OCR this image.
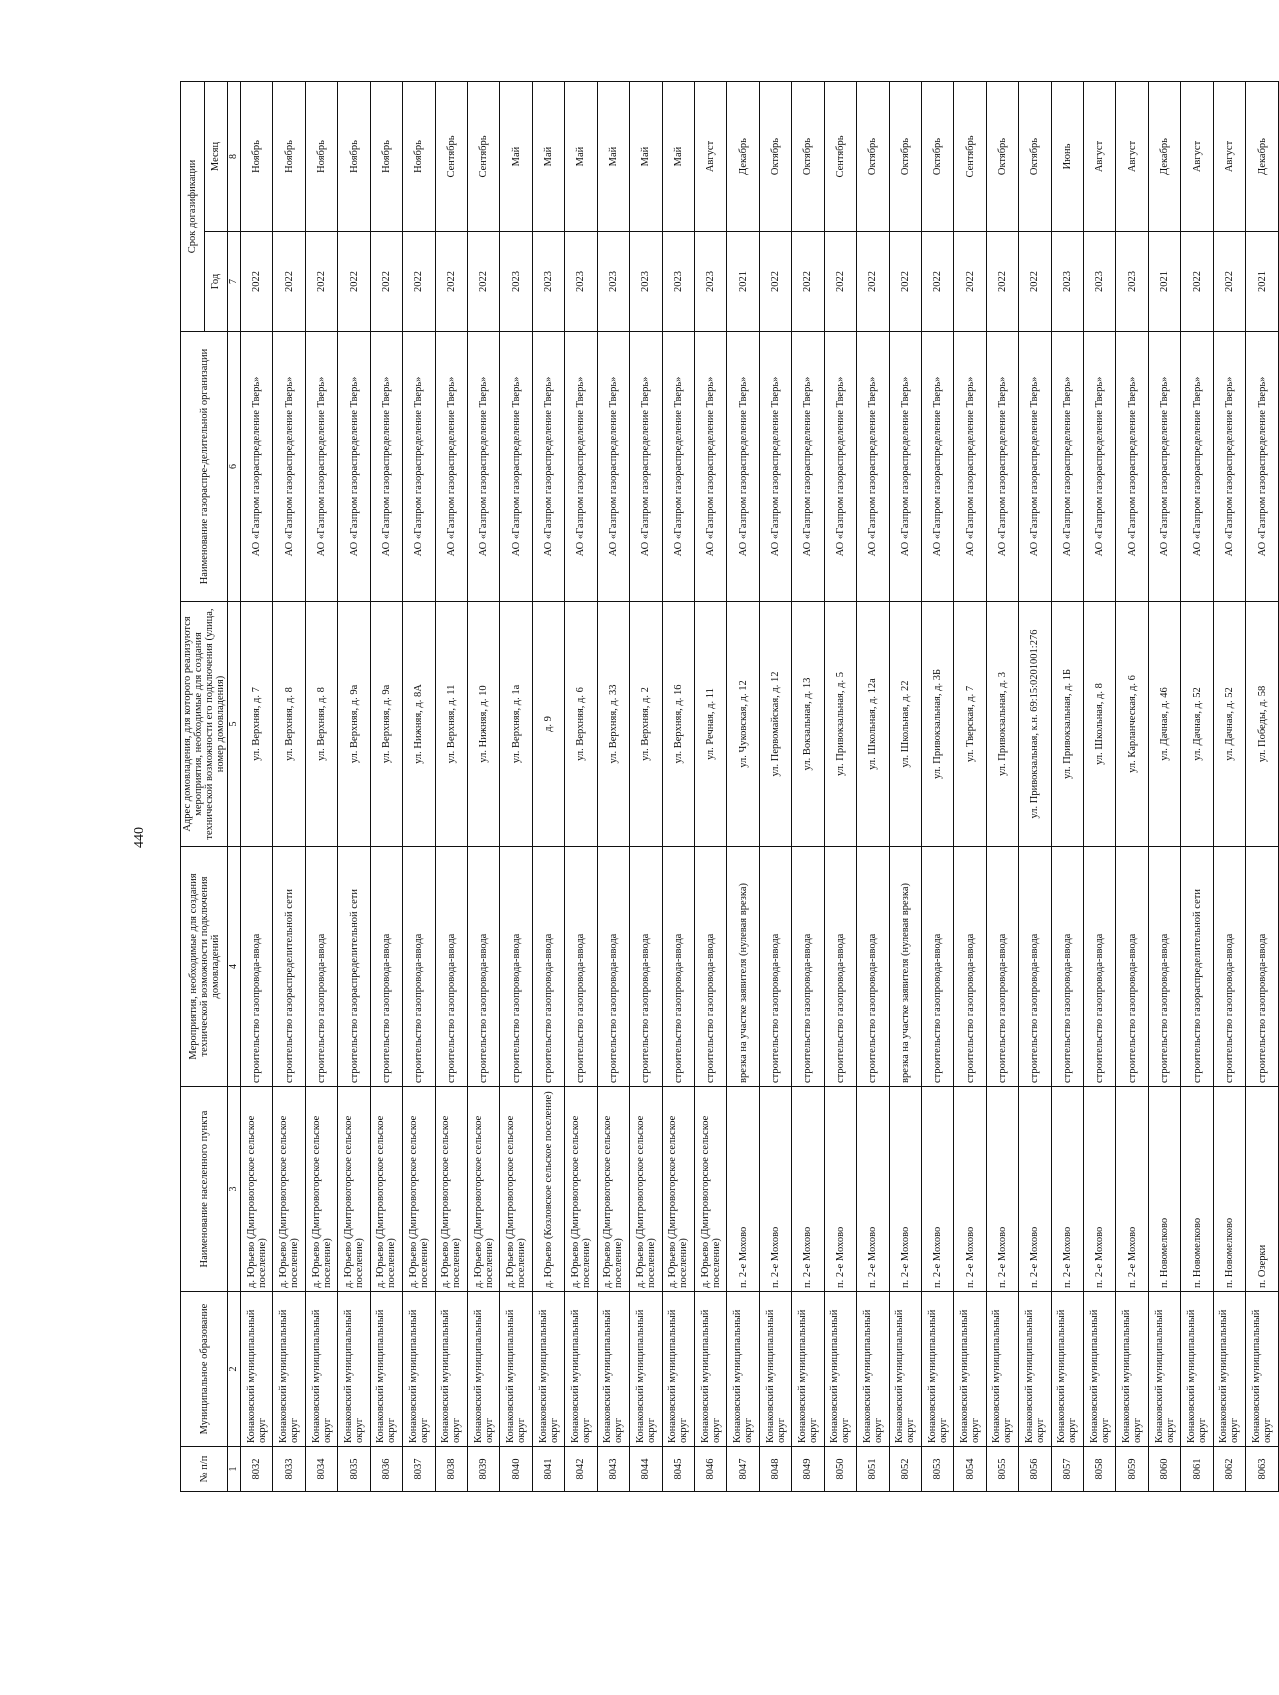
440
№ п/п	Муниципальное образование	Наименование населенного пункта	Мероприятия, необходимые для создания технической возможности подключения домовладений	Адрес домовладения, для которого реализуются мероприятия, необходимые для создания технической возможности его подключения (улица, номер домовладения)	Наименование газораспре-делительной организации	Срок догазификации	
						Год	Месяц
1	2	3	4	5	6	7	8
8032	Конаковский муниципальный округ	д. Юрьево (Дмитровогорское сельское поселение)	строительство газопровода-ввода	ул. Верхняя, д. 7	АО «Газпром газораспределение Тверь»	2022	Ноябрь
8033	Конаковский муниципальный округ	д. Юрьево (Дмитровогорское сельское поселение)	строительство газораспределительной сети	ул. Верхняя, д. 8	АО «Газпром газораспределение Тверь»	2022	Ноябрь
8034	Конаковский муниципальный округ	д. Юрьево (Дмитровогорское сельское поселение)	строительство газопровода-ввода	ул. Верхняя, д. 8	АО «Газпром газораспределение Тверь»	2022	Ноябрь
8035	Конаковский муниципальный округ	д. Юрьево (Дмитровогорское сельское поселение)	строительство газораспределительной сети	ул. Верхняя, д. 9а	АО «Газпром газораспределение Тверь»	2022	Ноябрь
8036	Конаковский муниципальный округ	д. Юрьево (Дмитровогорское сельское поселение)	строительство газопровода-ввода	ул. Верхняя, д. 9а	АО «Газпром газораспределение Тверь»	2022	Ноябрь
8037	Конаковский муниципальный округ	д. Юрьево (Дмитровогорское сельское поселение)	строительство газопровода-ввода	ул. Нижняя, д. 8А	АО «Газпром газораспределение Тверь»	2022	Ноябрь
8038	Конаковский муниципальный округ	д. Юрьево (Дмитровогорское сельское поселение)	строительство газопровода-ввода	ул. Верхняя, д. 11	АО «Газпром газораспределение Тверь»	2022	Сентябрь
8039	Конаковский муниципальный округ	д. Юрьево (Дмитровогорское сельское поселение)	строительство газопровода-ввода	ул. Нижняя, д. 10	АО «Газпром газораспределение Тверь»	2022	Сентябрь
8040	Конаковский муниципальный округ	д. Юрьево (Дмитровогорское сельское поселение)	строительство газопровода-ввода	ул. Верхняя, д. 1а	АО «Газпром газораспределение Тверь»	2023	Май
8041	Конаковский муниципальный округ	д. Юрьево (Козловское сельское поселение)	строительство газопровода-ввода	д. 9	АО «Газпром газораспределение Тверь»	2023	Май
8042	Конаковский муниципальный округ	д. Юрьево (Дмитровогорское сельское поселение)	строительство газопровода-ввода	ул. Верхняя, д. 6	АО «Газпром газораспределение Тверь»	2023	Май
8043	Конаковский муниципальный округ	д. Юрьево (Дмитровогорское сельское поселение)	строительство газопровода-ввода	ул. Верхняя, д. 33	АО «Газпром газораспределение Тверь»	2023	Май
8044	Конаковский муниципальный округ	д. Юрьево (Дмитровогорское сельское поселение)	строительство газопровода-ввода	ул. Верхняя, д. 2	АО «Газпром газораспределение Тверь»	2023	Май
8045	Конаковский муниципальный округ	д. Юрьево (Дмитровогорское сельское поселение)	строительство газопровода-ввода	ул. Верхняя, д. 16	АО «Газпром газораспределение Тверь»	2023	Май
8046	Конаковский муниципальный округ	д. Юрьево (Дмитровогорское сельское поселение)	строительство газопровода-ввода	ул. Речная, д. 11	АО «Газпром газораспределение Тверь»	2023	Август
8047	Конаковский муниципальный округ	п. 2-е Мохово	врезка на участке заявителя (нулевая врезка)	ул. Чуковская, д. 12	АО «Газпром газораспределение Тверь»	2021	Декабрь
8048	Конаковский муниципальный округ	п. 2-е Мохово	строительство газопровода-ввода	ул. Первомайская, д. 12	АО «Газпром газораспределение Тверь»	2022	Октябрь
8049	Конаковский муниципальный округ	п. 2-е Мохово	строительство газопровода-ввода	ул. Вокзальная, д. 13	АО «Газпром газораспределение Тверь»	2022	Октябрь
8050	Конаковский муниципальный округ	п. 2-е Мохово	строительство газопровода-ввода	ул. Привокзальная, д. 5	АО «Газпром газораспределение Тверь»	2022	Сентябрь
8051	Конаковский муниципальный округ	п. 2-е Мохово	строительство газопровода-ввода	ул. Школьная, д. 12а	АО «Газпром газораспределение Тверь»	2022	Октябрь
8052	Конаковский муниципальный округ	п. 2-е Мохово	врезка на участке заявителя (нулевая врезка)	ул. Школьная, д. 22	АО «Газпром газораспределение Тверь»	2022	Октябрь
8053	Конаковский муниципальный округ	п. 2-е Мохово	строительство газопровода-ввода	ул. Привокзальная, д. 3Б	АО «Газпром газораспределение Тверь»	2022	Октябрь
8054	Конаковский муниципальный округ	п. 2-е Мохово	строительство газопровода-ввода	ул. Тверская, д. 7	АО «Газпром газораспределение Тверь»	2022	Сентябрь
8055	Конаковский муниципальный округ	п. 2-е Мохово	строительство газопровода-ввода	ул. Привокзальная, д. 3	АО «Газпром газораспределение Тверь»	2022	Октябрь
8056	Конаковский муниципальный округ	п. 2-е Мохово	строительство газопровода-ввода	ул. Привокзальная, к.н. 69:15:0201001:276	АО «Газпром газораспределение Тверь»	2022	Октябрь
8057	Конаковский муниципальный округ	п. 2-е Мохово	строительство газопровода-ввода	ул. Привокзальная, д. 1Б	АО «Газпром газораспределение Тверь»	2023	Июнь
8058	Конаковский муниципальный округ	п. 2-е Мохово	строительство газопровода-ввода	ул. Школьная, д. 8	АО «Газпром газораспределение Тверь»	2023	Август
8059	Конаковский муниципальный округ	п. 2-е Мохово	строительство газопровода-ввода	ул. Карланческая, д. 6	АО «Газпром газораспределение Тверь»	2023	Август
8060	Конаковский муниципальный округ	п. Новомелково	строительство газопровода-ввода	ул. Дачная, д. 46	АО «Газпром газораспределение Тверь»	2021	Декабрь
8061	Конаковский муниципальный округ	п. Новомелково	строительство газораспределительной сети	ул. Дачная, д. 52	АО «Газпром газораспределение Тверь»	2022	Август
8062	Конаковский муниципальный округ	п. Новомелково	строительство газопровода-ввода	ул. Дачная, д. 52	АО «Газпром газораспределение Тверь»	2022	Август
8063	Конаковский муниципальный округ	п. Озерки	строительство газопровода-ввода	ул. Победы, д. 58	АО «Газпром газораспределение Тверь»	2021	Декабрь
